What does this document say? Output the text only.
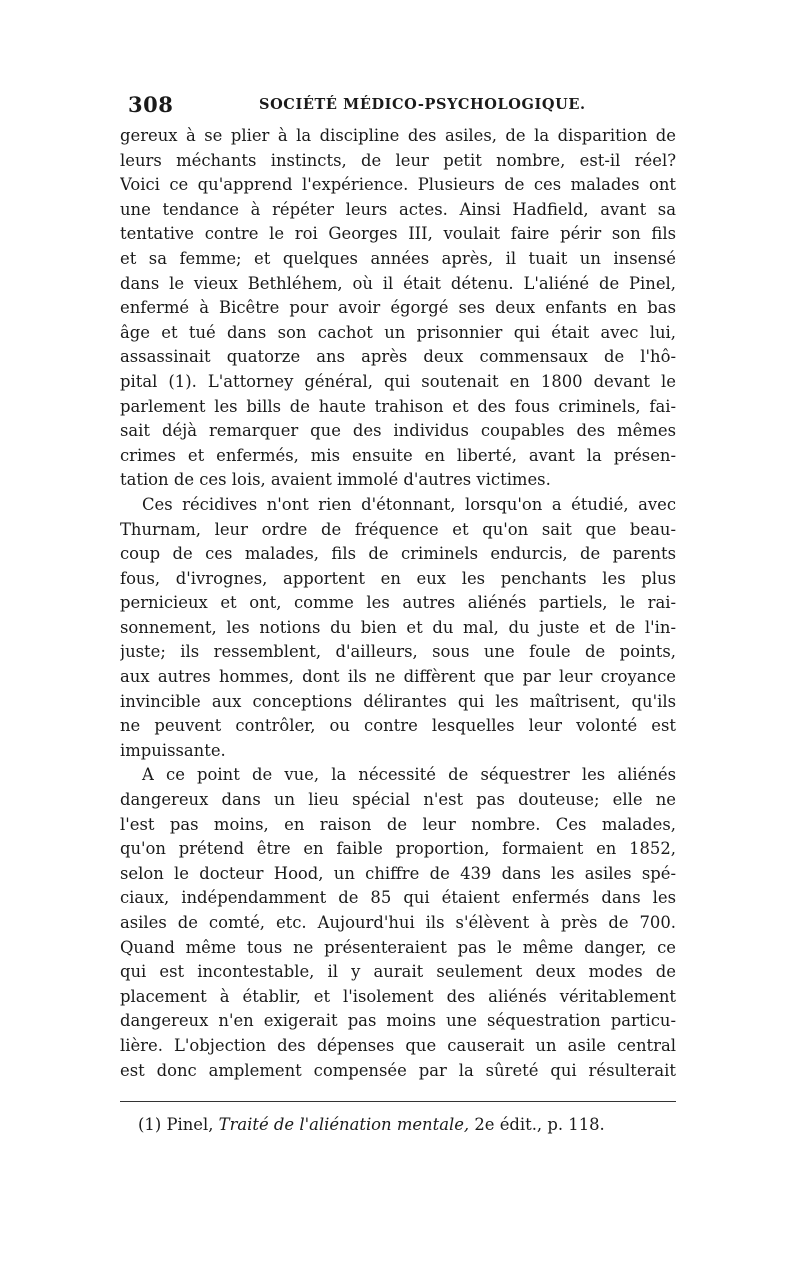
308	SOCIÉTÉ MÉDICO-PSYCHOLOGIQUE.
gereux à se plier à la discipline des asiles, de la disparition de
leurs méchants instincts, de leur petit nombre, est-il réel?
Voici ce qu'apprend l'expérience. Plusieurs de ces malades ont
une tendance à répéter leurs actes. Ainsi Hadfield, avant sa
tentative contre le roi Georges III, voulait faire périr son fils
et sa femme; et quelques années après, il tuait un insensé
dans le vieux Bethléhem, où il était détenu. L'aliéné de Pinel,
enfermé à Bicêtre pour avoir égorgé ses deux enfants en bas
âge et tué dans son cachot un prisonnier qui était avec lui,
assassinait quatorze ans après deux commensaux de l'hô-
pital (1). L'attorney général, qui soutenait en 1800 devant le
parlement les bills de haute trahison et des fous criminels, fai-
sait déjà remarquer que des individus coupables des mêmes
crimes et enfermés, mis ensuite en liberté, avant la présen-
tation de ces lois, avaient immolé d'autres victimes.
Ces récidives n'ont rien d'étonnant, lorsqu'on a étudié, avec
Thurnam, leur ordre de fréquence et qu'on sait que beau-
coup de ces malades, fils de criminels endurcis, de parents
fous, d'ivrognes, apportent en eux les penchants les plus
pernicieux et ont, comme les autres aliénés partiels, le rai-
sonnement, les notions du bien et du mal, du juste et de l'in-
juste; ils ressemblent, d'ailleurs, sous une foule de points,
aux autres hommes, dont ils ne diffèrent que par leur croyance
invincible aux conceptions délirantes qui les maîtrisent, qu'ils
ne peuvent contrôler, ou contre lesquelles leur volonté est
impuissante.
A ce point de vue, la nécessité de séquestrer les aliénés
dangereux dans un lieu spécial n'est pas douteuse; elle ne
l'est pas moins, en raison de leur nombre. Ces malades,
qu'on prétend être en faible proportion, formaient en 1852,
selon le docteur Hood, un chiffre de 439 dans les asiles spé-
ciaux, indépendamment de 85 qui étaient enfermés dans les
asiles de comté, etc. Aujourd'hui ils s'élèvent à près de 700.
Quand même tous ne présenteraient pas le même danger, ce
qui est incontestable, il y aurait seulement deux modes de
placement à établir, et l'isolement des aliénés véritablement
dangereux n'en exigerait pas moins une séquestration particu-
lière. L'objection des dépenses que causerait un asile central
est donc amplement compensée par la sûreté qui résulterait
(1) Pinel, Traité de l'aliénation mentale, 2e édit., p. 118.
